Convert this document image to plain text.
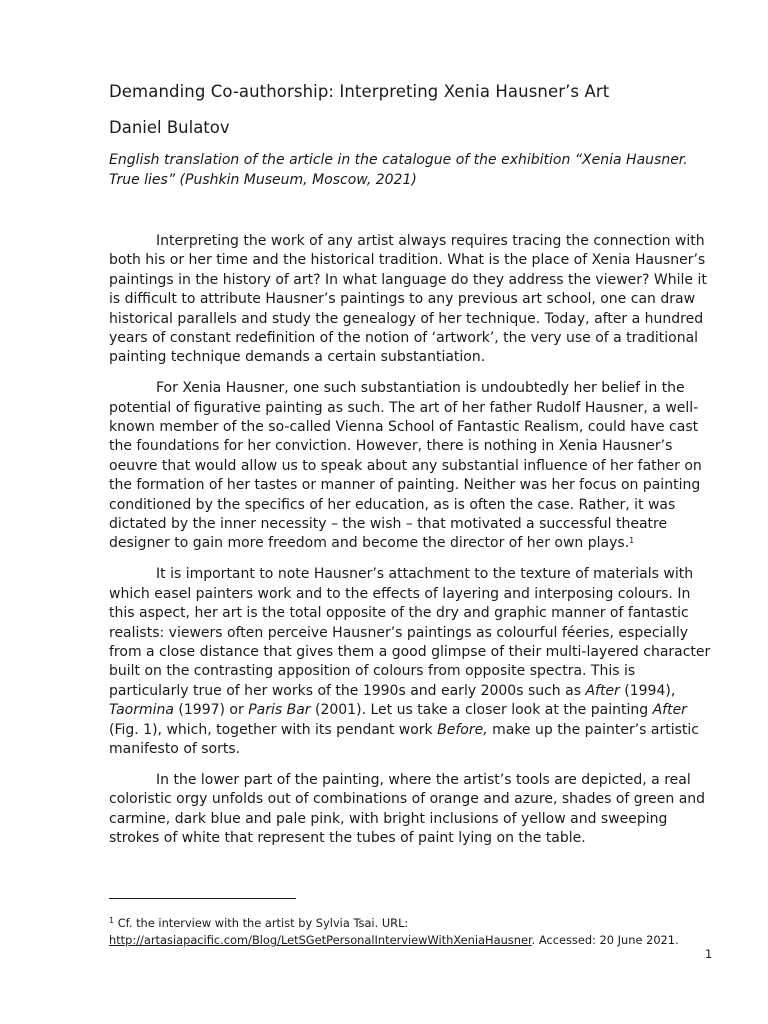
Demanding Co-authorship: Interpreting Xenia Hausner’s Art
Daniel Bulatov
English translation of the article in the catalogue of the exhibition “Xenia Hausner. True lies” (Pushkin Museum, Moscow, 2021)

Interpreting the work of any artist always requires tracing the connection with both his or her time and the historical tradition. What is the place of Xenia Hausner’s paintings in the history of art? In what language do they address the viewer? While it is difficult to attribute Hausner’s paintings to any previous art school, one can draw historical parallels and study the genealogy of her technique. Today, after a hundred years of constant redefinition of the notion of ‘artwork’, the very use of a traditional painting technique demands a certain substantiation.

For Xenia Hausner, one such substantiation is undoubtedly her belief in the potential of figurative painting as such. The art of her father Rudolf Hausner, a well-known member of the so-called Vienna School of Fantastic Realism, could have cast the foundations for her conviction. However, there is nothing in Xenia Hausner’s oeuvre that would allow us to speak about any substantial influence of her father on the formation of her tastes or manner of painting. Neither was her focus on painting conditioned by the specifics of her education, as is often the case. Rather, it was dictated by the inner necessity – the wish – that motivated a successful theatre designer to gain more freedom and become the director of her own plays.$^1$

It is important to note Hausner’s attachment to the texture of materials with which easel painters work and to the effects of layering and interposing colours. In this aspect, her art is the total opposite of the dry and graphic manner of fantastic realists: viewers often perceive Hausner’s paintings as colourful féeries, especially from a close distance that gives them a good glimpse of their multi-layered character built on the contrasting apposition of colours from opposite spectra. This is particularly true of her works of the 1990s and early 2000s such as After (1994), Taormina (1997) or Paris Bar (2001). Let us take a closer look at the painting After (Fig. 1), which, together with its pendant work Before, make up the painter’s artistic manifesto of sorts.

In the lower part of the painting, where the artist’s tools are depicted, a real coloristic orgy unfolds out of combinations of orange and azure, shades of green and carmine, dark blue and pale pink, with bright inclusions of yellow and sweeping strokes of white that represent the tubes of paint lying on the table.

$^1$ Cf. the interview with the artist by Sylvia Tsai. URL:
http://artasiapacific.com/Blog/LetSGetPersonalInterviewWithXeniaHausner. Accessed: 20 June 2021.
1
